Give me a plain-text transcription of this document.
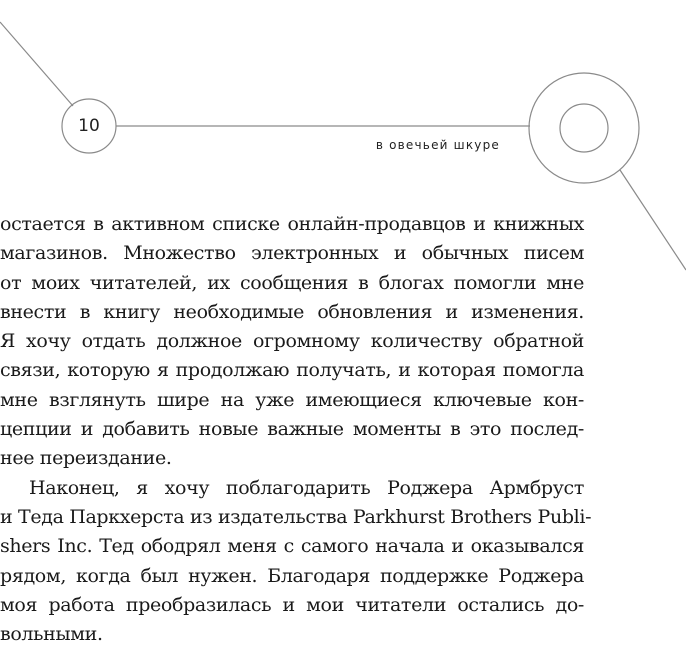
10
в овечьей шкуре
остается в активном списке онлайн-продавцов и книжных
магазинов. Множество электронных и обычных писем
от моих читателей, их сообщения в блогах помогли мне
внести в книгу необходимые обновления и изменения.
Я хочу отдать должное огромному количеству обратной
связи, которую я продолжаю получать, и которая помогла
мне взглянуть шире на уже имеющиеся ключевые кон-
цепции и добавить новые важные моменты в это послед-
нее переиздание.
Наконец, я хочу поблагодарить Роджера Армбруст
и Теда Паркхерста из издательства Parkhurst Brothers Publi-
shers Inc. Тед ободрял меня с самого начала и оказывался
рядом, когда был нужен. Благодаря поддержке Роджера
моя работа преобразилась и мои читатели остались до-
вольными.
